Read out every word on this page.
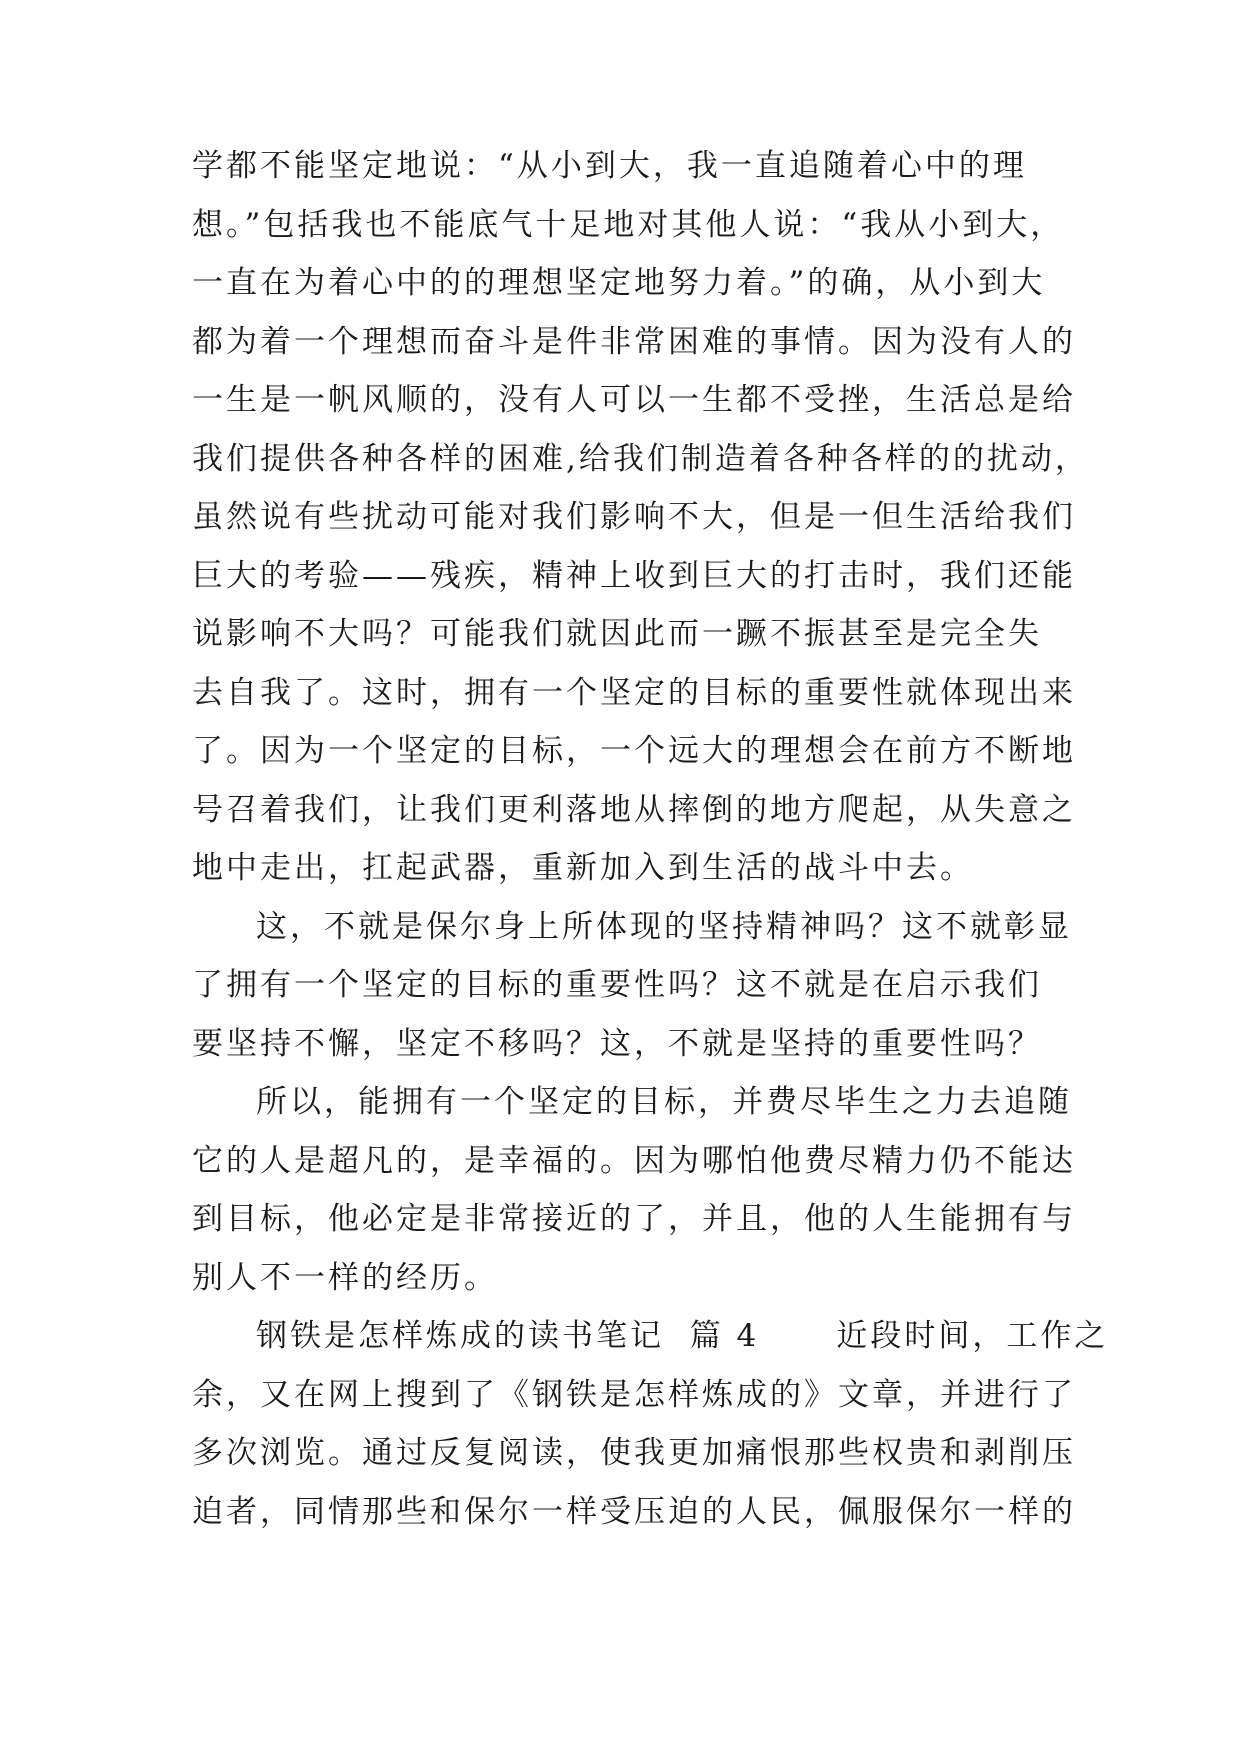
学都不能坚定地说：“从小到大，我一直追随着心中的理
想。”包括我也不能底气十足地对其他人说：“我从小到大，
一直在为着心中的的理想坚定地努力着。”的确，从小到大
都为着一个理想而奋斗是件非常困难的事情。因为没有人的
一生是一帆风顺的，没有人可以一生都不受挫，生活总是给
我们提供各种各样的困难,给我们制造着各种各样的的扰动，
虽然说有些扰动可能对我们影响不大，但是一但生活给我们
巨大的考验——残疾，精神上收到巨大的打击时，我们还能
说影响不大吗？可能我们就因此而一蹶不振甚至是完全失
去自我了。这时，拥有一个坚定的目标的重要性就体现出来
了。因为一个坚定的目标，一个远大的理想会在前方不断地
号召着我们，让我们更利落地从摔倒的地方爬起，从失意之
地中走出，扛起武器，重新加入到生活的战斗中去。
这，不就是保尔身上所体现的坚持精神吗？这不就彰显
了拥有一个坚定的目标的重要性吗？这不就是在启示我们
要坚持不懈，坚定不移吗？这，不就是坚持的重要性吗？
所以，能拥有一个坚定的目标，并费尽毕生之力去追随
它的人是超凡的，是幸福的。因为哪怕他费尽精力仍不能达
到目标，他必定是非常接近的了，并且，他的人生能拥有与
别人不一样的经历。
钢铁是怎样炼成的读书笔记  篇 4      近段时间，工作之
余，又在网上搜到了《钢铁是怎样炼成的》文章，并进行了
多次浏览。通过反复阅读，使我更加痛恨那些权贵和剥削压
迫者，同情那些和保尔一样受压迫的人民，佩服保尔一样的
